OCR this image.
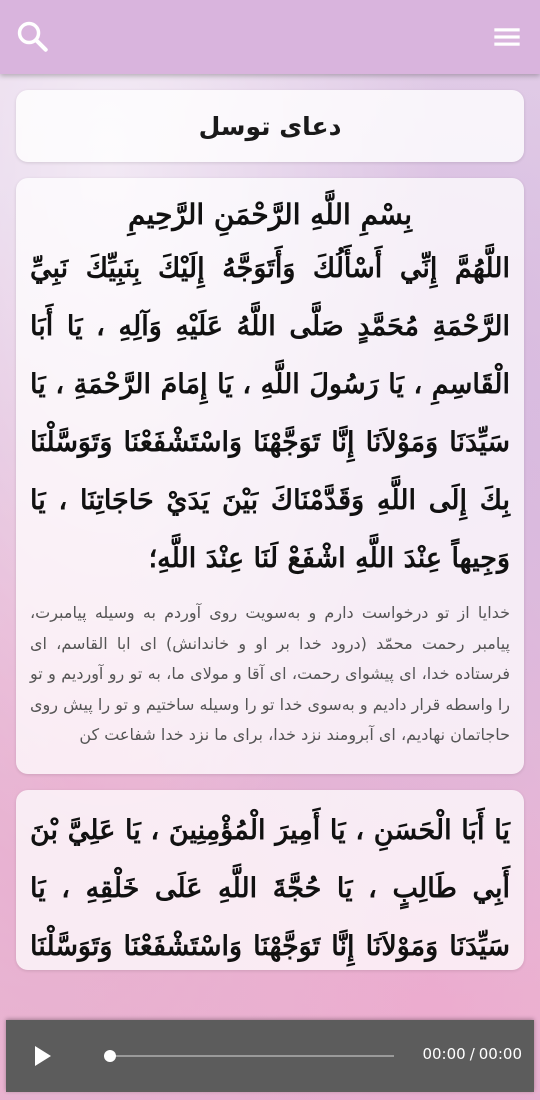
دعای توسل

بِسْمِ اللَّهِ الرَّحْمَنِ الرَّحِيمِ

اللَّهُمَّ إِنِّي أَسْأَلُكَ وَأَتَوَجَّهُ إِلَيْكَ بِنَبِيِّكَ نَبِيِّ الرَّحْمَةِ مُحَمَّدٍ صَلَّى اللَّهُ عَلَيْهِ وَآلِهِ ، يَا أَبَا الْقَاسِمِ ، يَا رَسُولَ اللَّهِ ، يَا إِمَامَ الرَّحْمَةِ ، يَا سَيِّدَنَا وَمَوْلاَنَا إِنَّا تَوَجَّهْنَا وَاسْتَشْفَعْنَا وَتَوَسَّلْنَا بِكَ إِلَى اللَّهِ وَقَدَّمْنَاكَ بَيْنَ يَدَيْ حَاجَاتِنَا ، يَا وَجِيهاً عِنْدَ اللَّهِ اشْفَعْ لَنَا عِنْدَ اللَّهِ؛

خدایا از تو درخواست دارم و به‌سویت روی آوردم به وسیله پیامبرت، پیامبر رحمت محمّد (درود خدا بر او و خاندانش) ای ابا القاسم، ای فرستاده خدا، ای پیشوای رحمت، ای آقا و مولای ما، به تو رو آوردیم و تو را واسطه قرار دادیم و به‌سوی خدا تو را وسیله ساختیم و تو را پیش روی حاجاتمان نهادیم، ای آبرومند نزد خدا، برای ما نزد خدا شفاعت کن

يَا أَبَا الْحَسَنِ ، يَا أَمِيرَ الْمُؤْمِنِينَ ، يَا عَلِيَّ بْنَ أَبِي طَالِبٍ ، يَا حُجَّةَ اللَّهِ عَلَى خَلْقِهِ ، يَا سَيِّدَنَا وَمَوْلاَنَا إِنَّا تَوَجَّهْنَا وَاسْتَشْفَعْنَا وَتَوَسَّلْنَا

00:00 / 00:00
